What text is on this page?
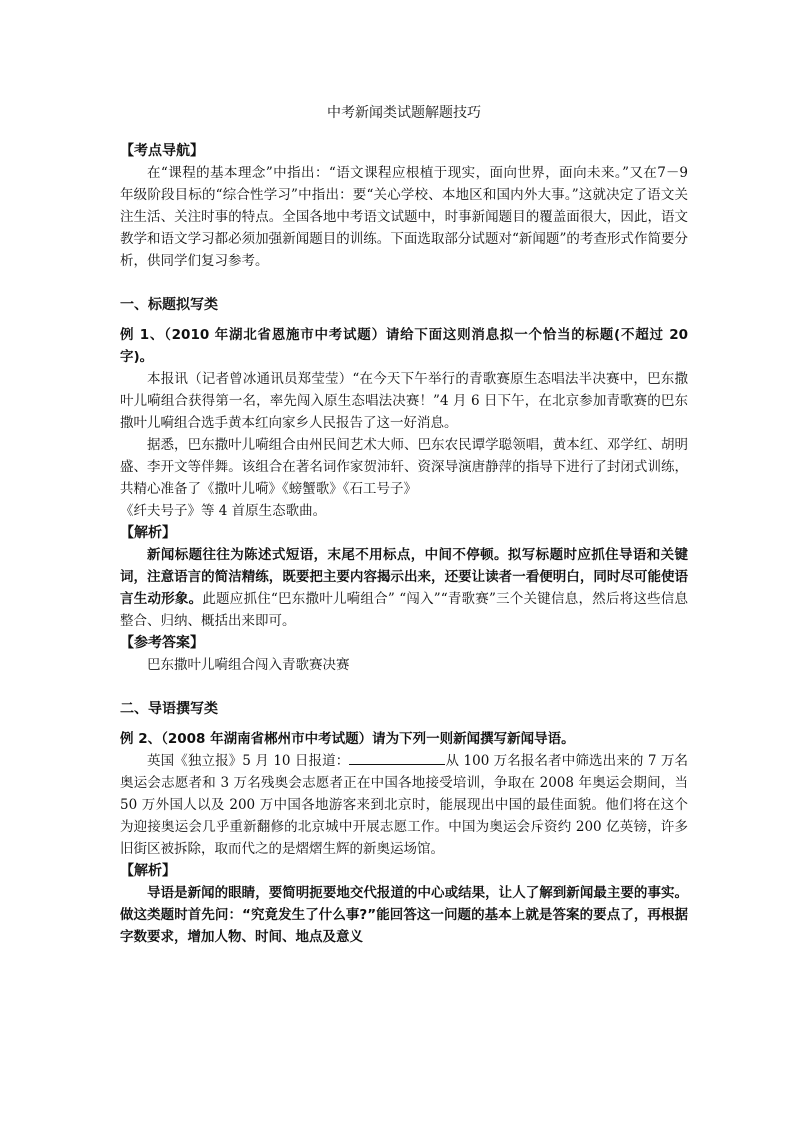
中考新闻类试题解题技巧

【考点导航】

在“课程的基本理念”中指出：“语文课程应根植于现实，面向世界，面向未来。”又在7－9 年级阶段目标的“综合性学习”中指出：要“关心学校、本地区和国内外大事。”这就决定了语文关注生活、关注时事的特点。全国各地中考语文试题中，时事新闻题目的覆盖面很大，因此，语文教学和语文学习都必须加强新闻题目的训练。下面选取部分试题对“新闻题”的考查形式作简要分析，供同学们复习参考。

一、标题拟写类

例 1、（2010 年湖北省恩施市中考试题）请给下面这则消息拟一个恰当的标题(不超过 20 字)。

本报讯（记者曾冰通讯员郑莹莹）“在今天下午举行的青歌赛原生态唱法半决赛中，巴东撒叶儿嗬组合获得第一名，率先闯入原生态唱法决赛！”4 月 6 日下午，在北京参加青歌赛的巴东撒叶儿嗬组合选手黄本红向家乡人民报告了这一好消息。

据悉，巴东撒叶儿嗬组合由州民间艺术大师、巴东农民谭学聪领唱，黄本红、邓学红、胡明盛、李开文等伴舞。该组合在著名词作家贺沛轩、资深导演唐静萍的指导下进行了封闭式训练，共精心准备了《撒叶儿嗬》《螃蟹歌》《石工号子》

《纤夫号子》等 4 首原生态歌曲。

【解析】

新闻标题往往为陈述式短语，末尾不用标点，中间不停顿。拟写标题时应抓住导语和关键词，注意语言的简洁精练，既要把主要内容揭示出来，还要让读者一看便明白，同时尽可能使语言生动形象。此题应抓住“巴东撒叶儿嗬组合” “闯入”“青歌赛”三个关键信息，然后将这些信息整合、归纳、概括出来即可。

【参考答案】

巴东撒叶儿嗬组合闯入青歌赛决赛

二、导语撰写类

例 2、（2008 年湖南省郴州市中考试题）请为下列一则新闻撰写新闻导语。

英国《独立报》5 月 10 日报道：	从 100 万名报名者中筛选出来的 7 万名奥运会志愿者和 3 万名残奥会志愿者正在中国各地接受培训，争取在 2008 年奥运会期间，当 50 万外国人以及 200 万中国各地游客来到北京时，能展现出中国的最佳面貌。他们将在这个为迎接奥运会几乎重新翻修的北京城中开展志愿工作。中国为奥运会斥资约 200 亿英镑，许多旧街区被拆除，取而代之的是熠熠生辉的新奥运场馆。

【解析】

导语是新闻的眼睛，要简明扼要地交代报道的中心或结果，让人了解到新闻最主要的事实。做这类题时首先问：“究竟发生了什么事?”能回答这一问题的基本上就是答案的要点了，再根据字数要求，增加人物、时间、地点及意义
